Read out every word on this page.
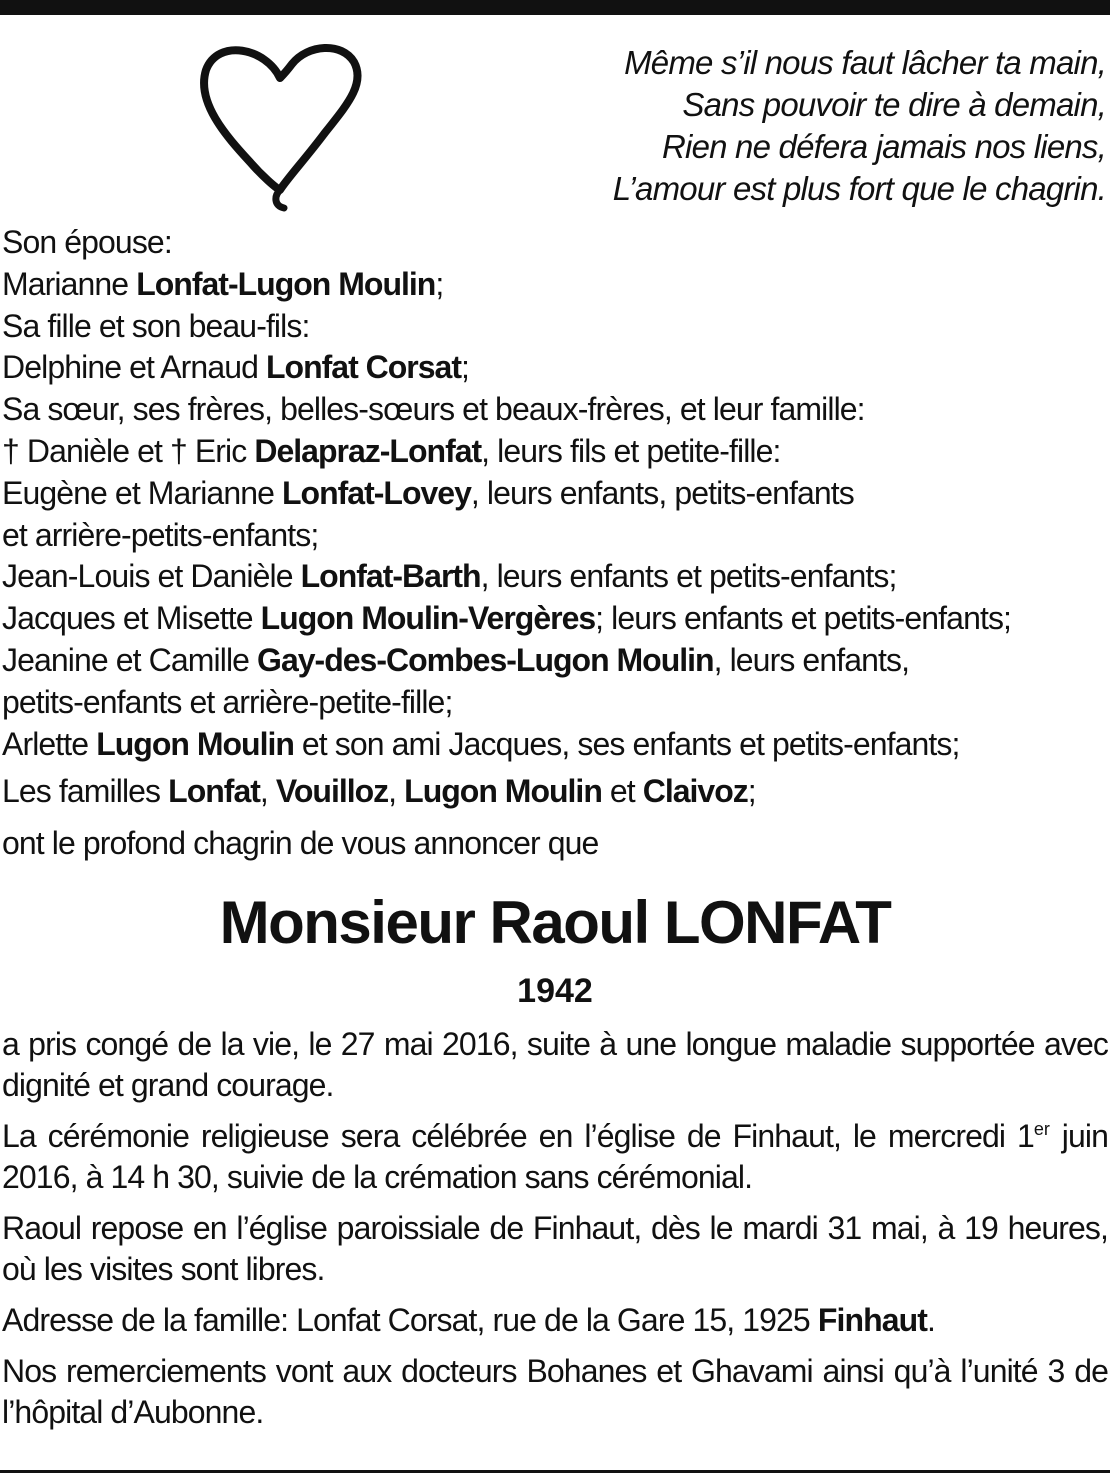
Même s’il nous faut lâcher ta main,
Sans pouvoir te dire à demain,
Rien ne défera jamais nos liens,
L’amour est plus fort que le chagrin.
Son épouse:
Marianne Lonfat-Lugon Moulin;
Sa fille et son beau-fils:
Delphine et Arnaud Lonfat Corsat;
Sa sœur, ses frères, belles-sœurs et beaux-frères, et leur famille:
† Danièle et † Eric Delapraz-Lonfat, leurs fils et petite-fille:
Eugène et Marianne Lonfat-Lovey, leurs enfants, petits-enfants
et arrière-petits-enfants;
Jean-Louis et Danièle Lonfat-Barth, leurs enfants et petits-enfants;
Jacques et Misette Lugon Moulin-Vergères; leurs enfants et petits-enfants;
Jeanine et Camille Gay-des-Combes-Lugon Moulin, leurs enfants,
petits-enfants et arrière-petite-fille;
Arlette Lugon Moulin et son ami Jacques, ses enfants et petits-enfants;
Les familles Lonfat, Vouilloz, Lugon Moulin et Claivoz;
ont le profond chagrin de vous annoncer que
Monsieur Raoul LONFAT
1942

a pris congé de la vie, le 27 mai 2016, suite à une longue maladie supportée avec dignité et grand courage.

La cérémonie religieuse sera célébrée en l’église de Finhaut, le mercredi 1er juin 2016, à 14 h 30, suivie de la crémation sans cérémonial.

Raoul repose en l’église paroissiale de Finhaut, dès le mardi 31 mai, à 19 heures, où les visites sont libres.

Adresse de la famille: Lonfat Corsat, rue de la Gare 15, 1925 Finhaut.

Nos remerciements vont aux docteurs Bohanes et Ghavami ainsi qu’à l’unité 3 de l’hôpital d’Aubonne.
